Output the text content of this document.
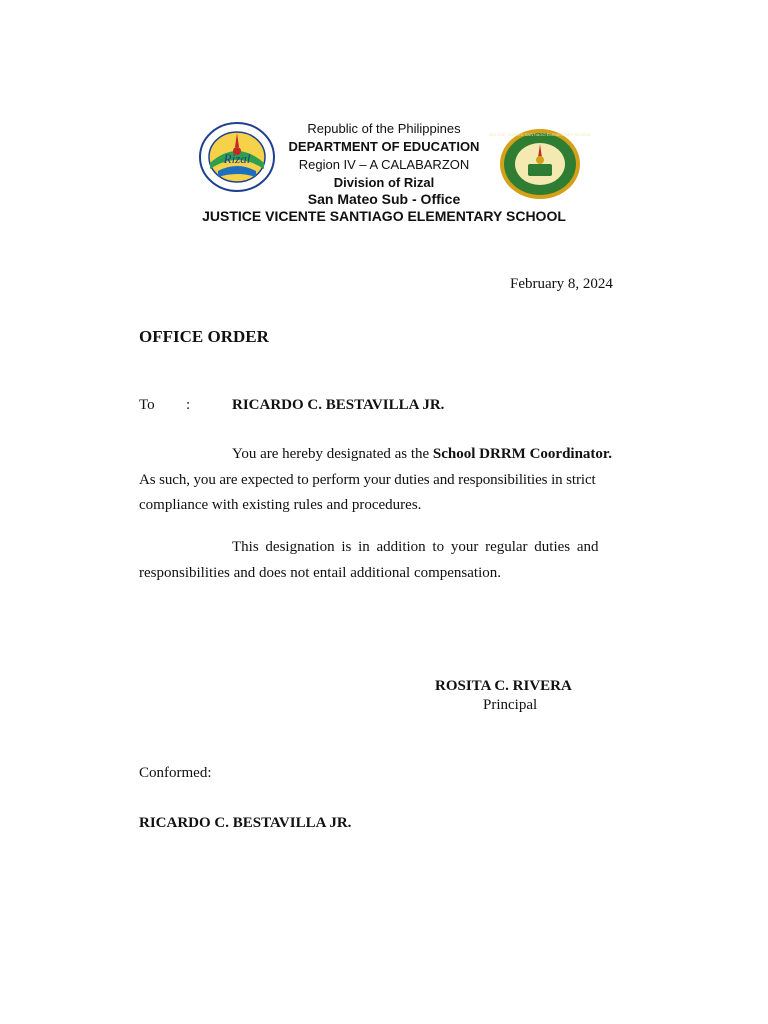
Rizal
Republic of the Philippines
DEPARTMENT OF EDUCATION
Region IV – A CALABARZON
Division of Rizal
San Mateo Sub - Office
JUSTICE VICENTE SANTIAGO ELEMENTARY SCHOOL
JUSTICE VICENTE SANTIAGO ELEMENTARY SCHOOL
February 8, 2024
OFFICE ORDER
To :	RICARDO C. BESTAVILLA JR.
You are hereby designated as the School DRRM Coordinator.
As such, you are expected to perform your duties and responsibilities in strict
compliance with existing rules and procedures.
This designation is in addition to your regular duties and
responsibilities and does not entail additional compensation.
ROSITA C. RIVERA
Principal
Conformed:
RICARDO C. BESTAVILLA JR.
